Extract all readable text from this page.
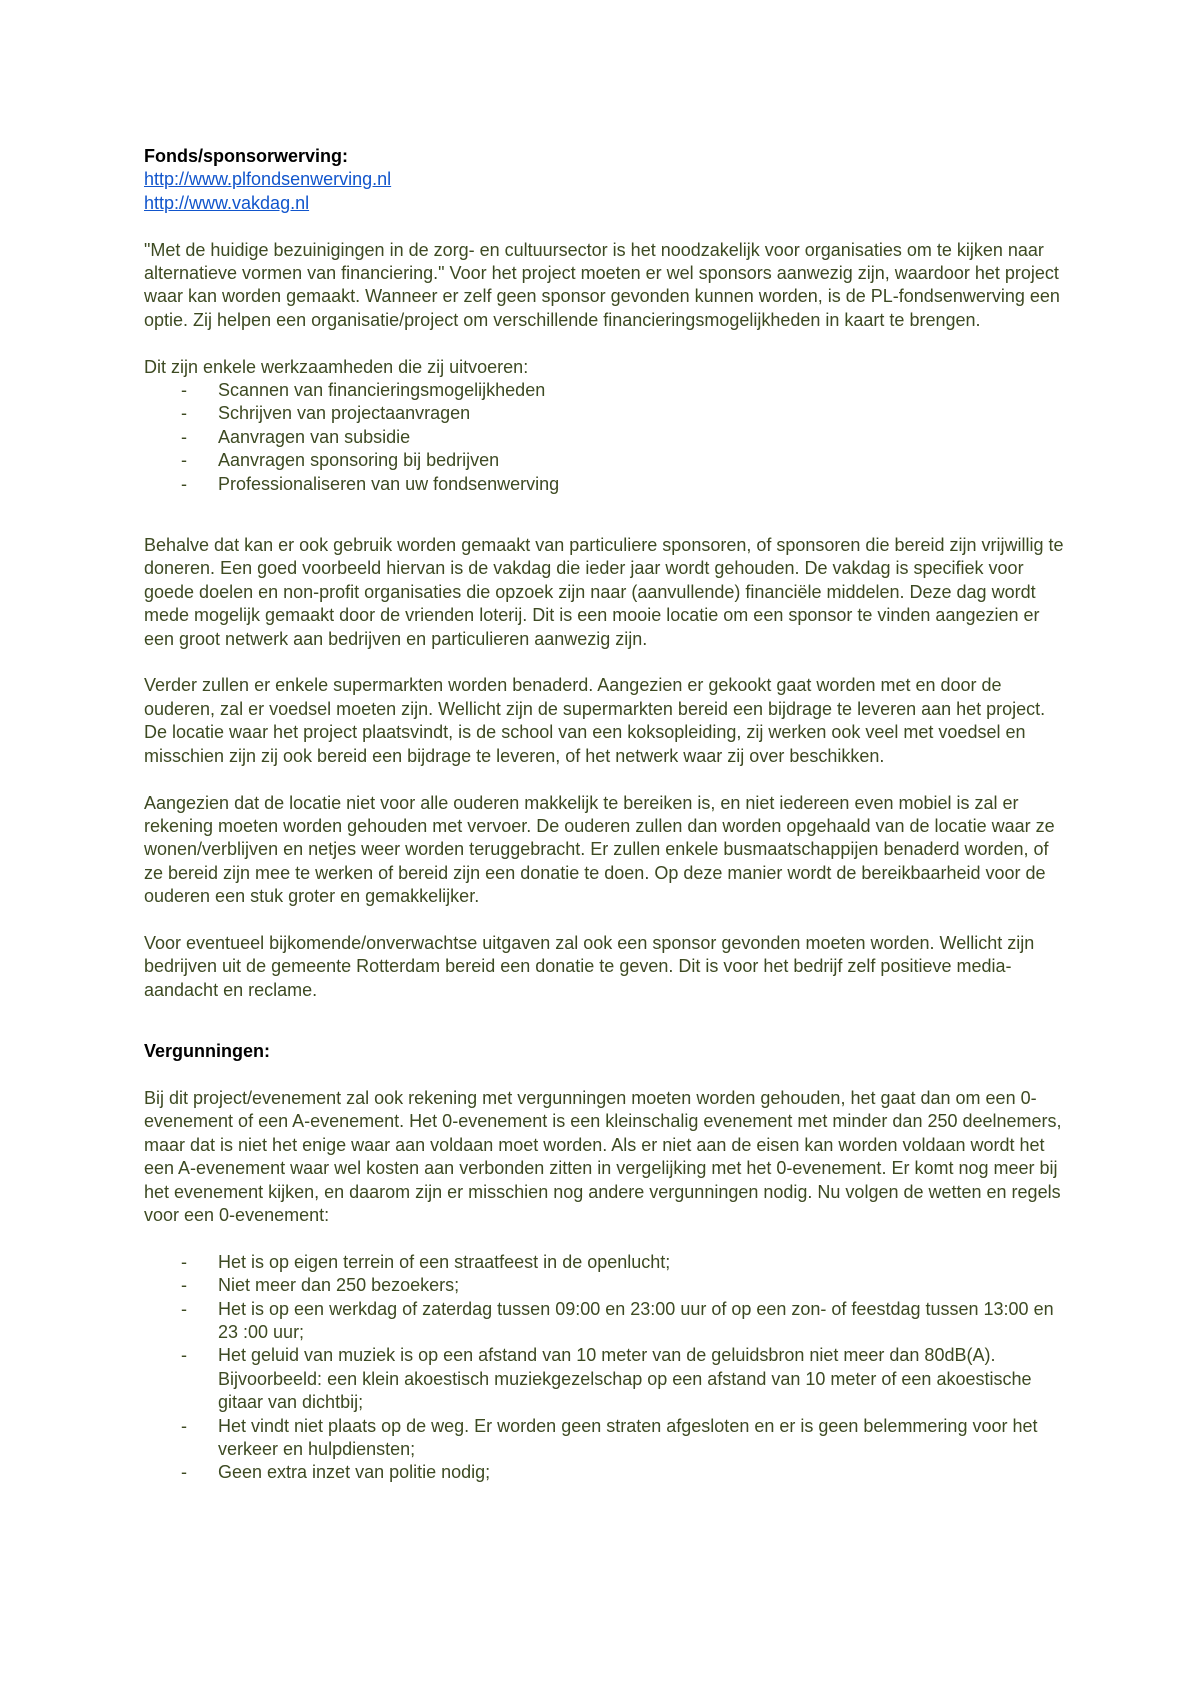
Fonds/sponsorwerving:

http://www.plfondsenwerving.nl
http://www.vakdag.nl

"Met de huidige bezuinigingen in de zorg- en cultuursector is het noodzakelijk voor organisaties om te kijken naar alternatieve vormen van financiering." Voor het project moeten er wel sponsors aanwezig zijn, waardoor het project waar kan worden gemaakt. Wanneer er zelf geen sponsor gevonden kunnen worden, is de PL-fondsenwerving een optie. Zij helpen een organisatie/project om verschillende financieringsmogelijkheden in kaart te brengen.

Dit zijn enkele werkzaamheden die zij uitvoeren:

- Scannen van financieringsmogelijkheden
- Schrijven van projectaanvragen
- Aanvragen van subsidie
- Aanvragen sponsoring bij bedrijven
- Professionaliseren van uw fondsenwerving

Behalve dat kan er ook gebruik worden gemaakt van particuliere sponsoren, of sponsoren die bereid zijn vrijwillig te doneren. Een goed voorbeeld hiervan is de vakdag die ieder jaar wordt gehouden. De vakdag is specifiek voor goede doelen en non-profit organisaties die opzoek zijn naar (aanvullende) financiële middelen. Deze dag wordt mede mogelijk gemaakt door de vrienden loterij. Dit is een mooie locatie om een sponsor te vinden aangezien er een groot netwerk aan bedrijven en particulieren aanwezig zijn.

Verder zullen er enkele supermarkten worden benaderd. Aangezien er gekookt gaat worden met en door de ouderen, zal er voedsel moeten zijn. Wellicht zijn de supermarkten bereid een bijdrage te leveren aan het project. De locatie waar het project plaatsvindt, is de school van een koksopleiding, zij werken ook veel met voedsel en misschien zijn zij ook bereid een bijdrage te leveren, of het netwerk waar zij over beschikken.

Aangezien dat de locatie niet voor alle ouderen makkelijk te bereiken is, en niet iedereen even mobiel is zal er rekening moeten worden gehouden met vervoer. De ouderen zullen dan worden opgehaald van de locatie waar ze wonen/verblijven en netjes weer worden teruggebracht. Er zullen enkele busmaatschappijen benaderd worden, of ze bereid zijn mee te werken of bereid zijn een donatie te doen. Op deze manier wordt de bereikbaarheid voor de ouderen een stuk groter en gemakkelijker.

Voor eventueel bijkomende/onverwachtse uitgaven zal ook een sponsor gevonden moeten worden. Wellicht zijn bedrijven uit de gemeente Rotterdam bereid een donatie te geven. Dit is voor het bedrijf zelf positieve media-aandacht en reclame.

Vergunningen:

Bij dit project/evenement zal ook rekening met vergunningen moeten worden gehouden, het gaat dan om een 0-evenement of een A-evenement. Het 0-evenement is een kleinschalig evenement met minder dan 250 deelnemers, maar dat is niet het enige waar aan voldaan moet worden. Als er niet aan de eisen kan worden voldaan wordt het een A-evenement waar wel kosten aan verbonden zitten in vergelijking met het 0-evenement. Er komt nog meer bij het evenement kijken, en daarom zijn er misschien nog andere vergunningen nodig. Nu volgen de wetten en regels voor een 0-evenement:

- Het is op eigen terrein of een straatfeest in de openlucht;
- Niet meer dan 250 bezoekers;
- Het is op een werkdag of zaterdag tussen 09:00 en 23:00 uur of op een zon- of feestdag tussen 13:00 en 23 :00 uur;
- Het geluid van muziek is op een afstand van 10 meter van de geluidsbron niet meer dan 80dB(A). Bijvoorbeeld: een klein akoestisch muziekgezelschap op een afstand van 10 meter of een akoestische gitaar van dichtbij;
- Het vindt niet plaats op de weg. Er worden geen straten afgesloten en er is geen belemmering voor het verkeer en hulpdiensten;
- Geen extra inzet van politie nodig;
